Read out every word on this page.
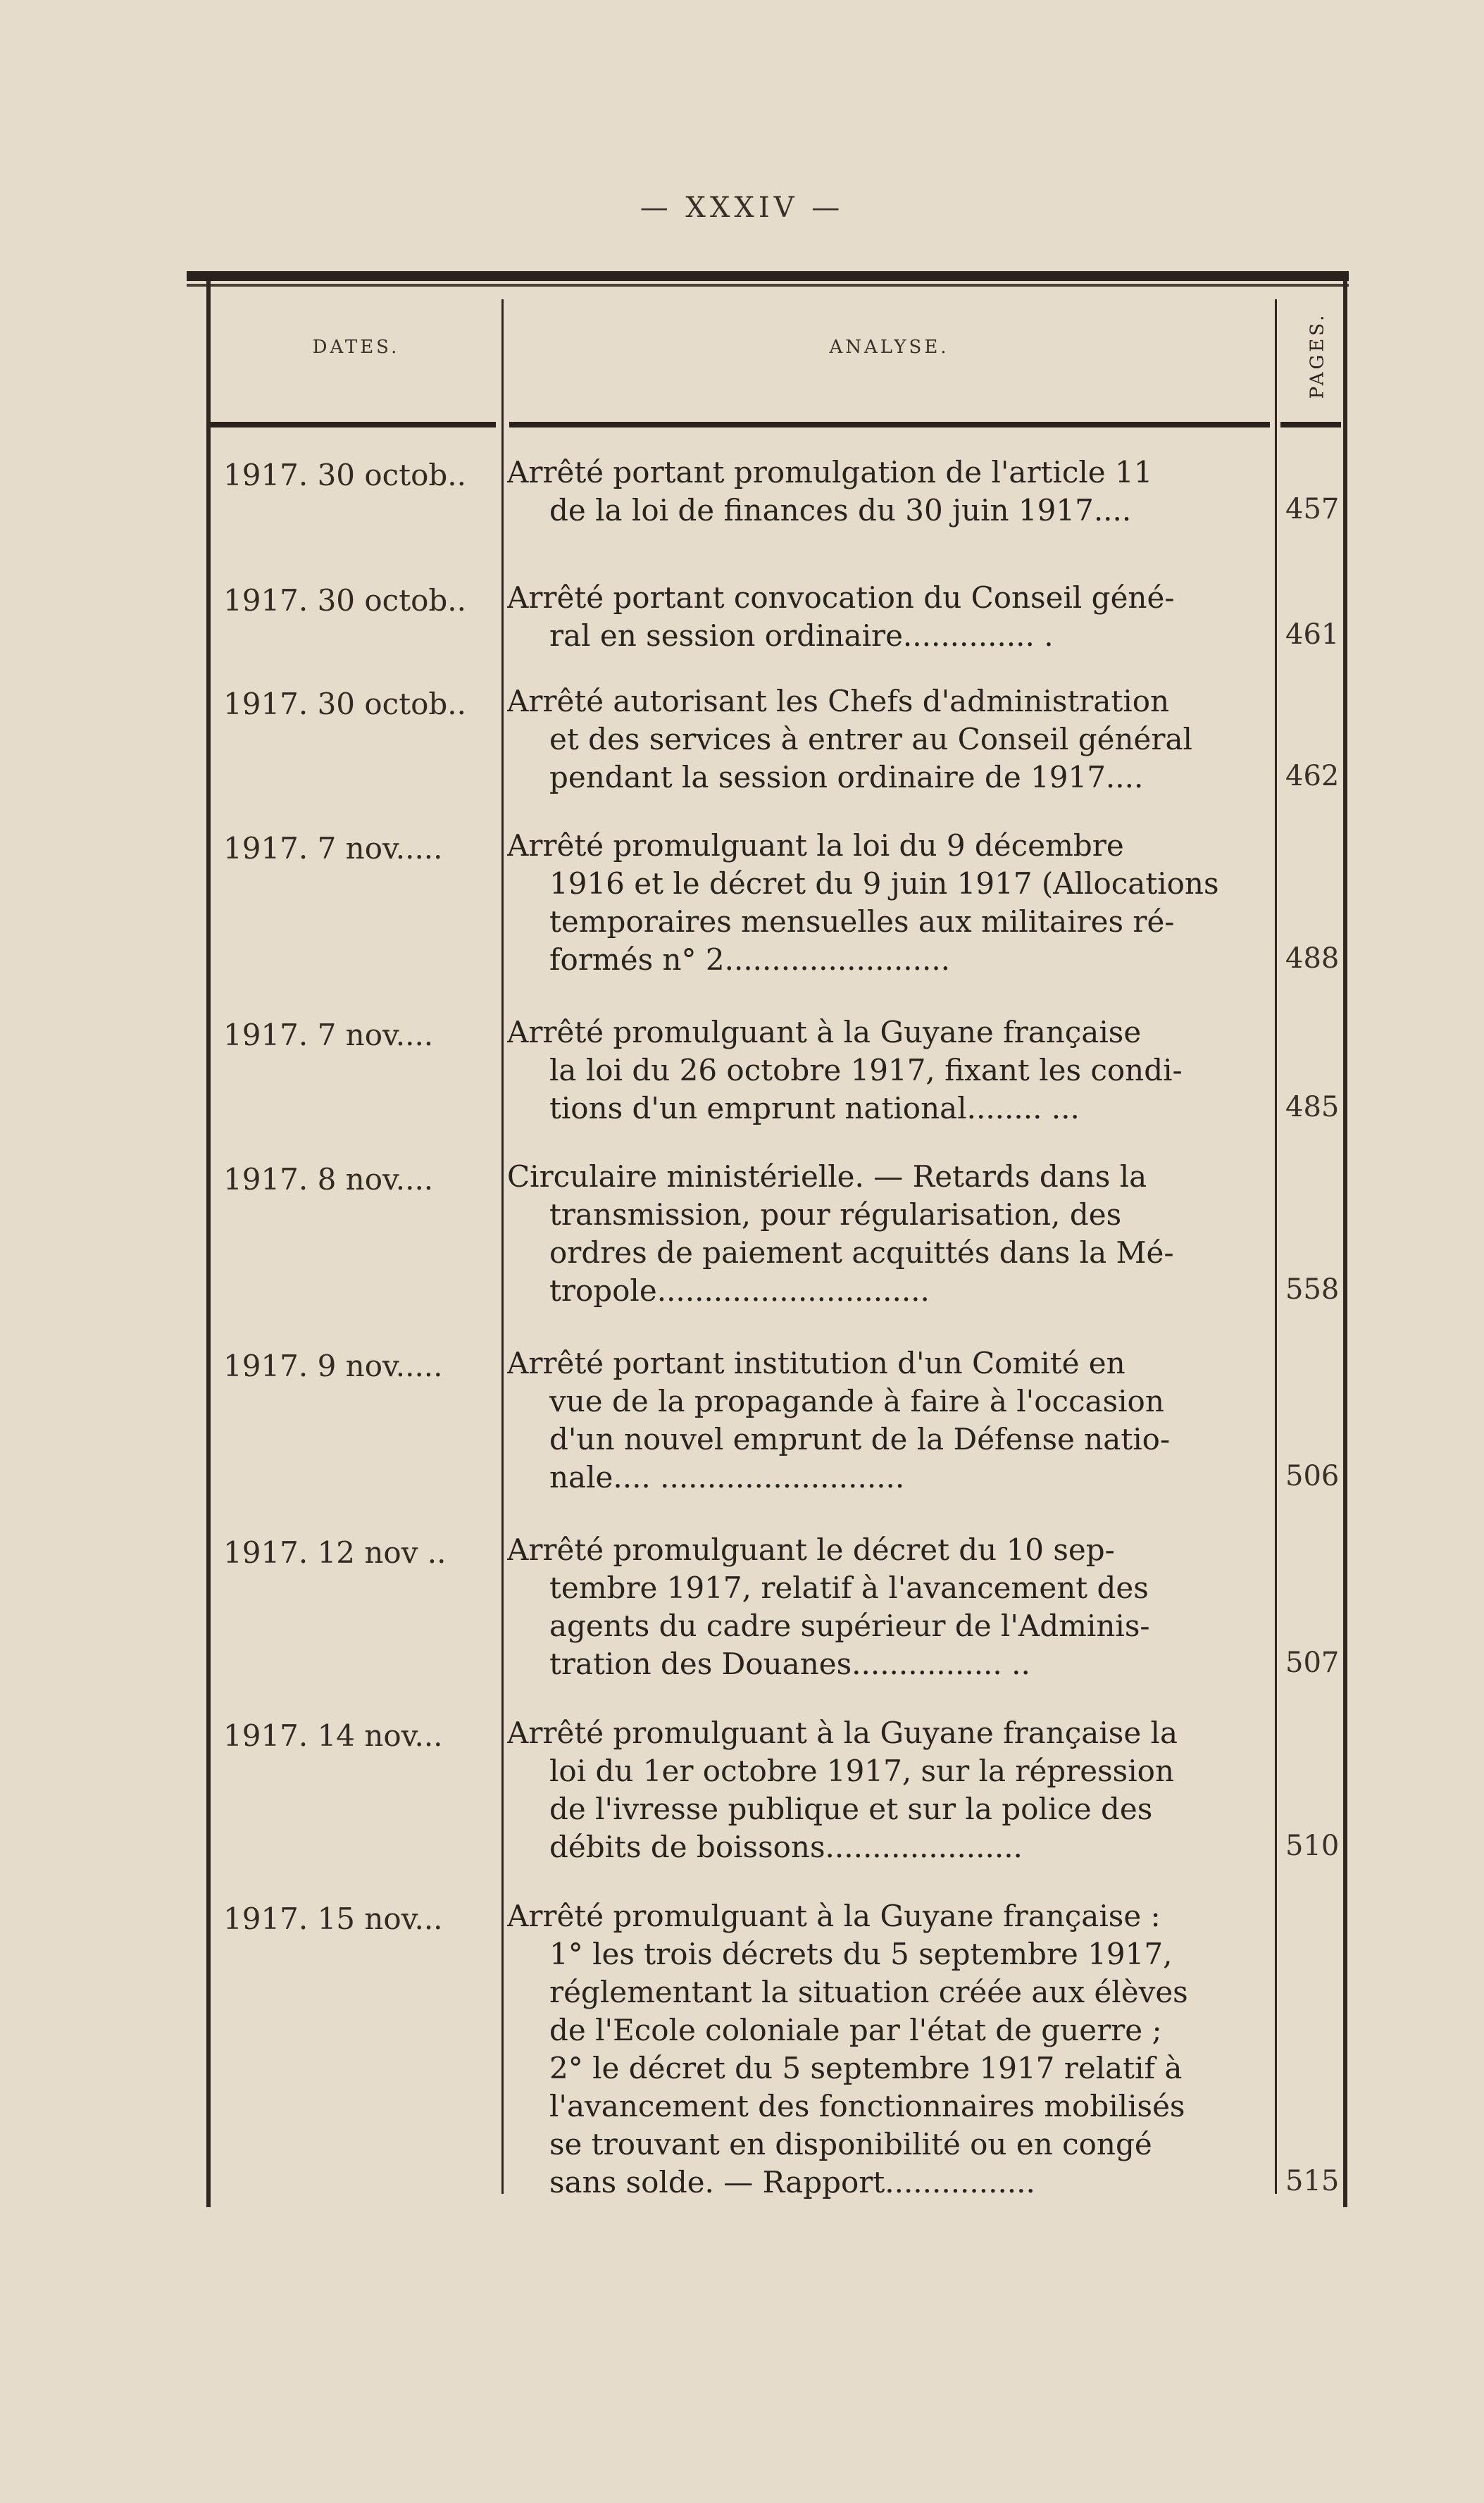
— XXXIV —
DATES.	ANALYSE.	PAGES.
1917. 30 octob..	Arrêté portant promulgation de l'article 11
de la loi de finances du 30 juin 1917....	457
1917. 30 octob..	Arrêté portant convocation du Conseil géné-
ral en session ordinaire.............. .	461
1917. 30 octob..	Arrêté autorisant les Chefs d'administration
et des services à entrer au Conseil général
pendant la session ordinaire de 1917....	462
1917. 7 nov.....	Arrêté promulguant la loi du 9 décembre
1916 et le décret du 9 juin 1917 (Allocations
temporaires mensuelles aux militaires ré-
formés n° 2........................	488
1917. 7 nov....	Arrêté promulguant à la Guyane française
la loi du 26 octobre 1917, fixant les condi-
tions d'un emprunt national........ ...	485
1917. 8 nov....	Circulaire ministérielle. — Retards dans la
transmission, pour régularisation, des
ordres de paiement acquittés dans la Mé-
tropole.............................	558
1917. 9 nov.....	Arrêté portant institution d'un Comité en
vue de la propagande à faire à l'occasion
d'un nouvel emprunt de la Défense natio-
nale.... ..........................	506
1917. 12 nov ..	Arrêté promulguant le décret du 10 sep-
tembre 1917, relatif à l'avancement des
agents du cadre supérieur de l'Adminis-
tration des Douanes................ ..	507
1917. 14 nov...	Arrêté promulguant à la Guyane française la
loi du 1er octobre 1917, sur la répression
de l'ivresse publique et sur la police des
débits de boissons.....................	510
1917. 15 nov...	Arrêté promulguant à la Guyane française :
1° les trois décrets du 5 septembre 1917,
réglementant la situation créée aux élèves
de l'Ecole coloniale par l'état de guerre ;
2° le décret du 5 septembre 1917 relatif à
l'avancement des fonctionnaires mobilisés
se trouvant en disponibilité ou en congé
sans solde. — Rapport................	515
